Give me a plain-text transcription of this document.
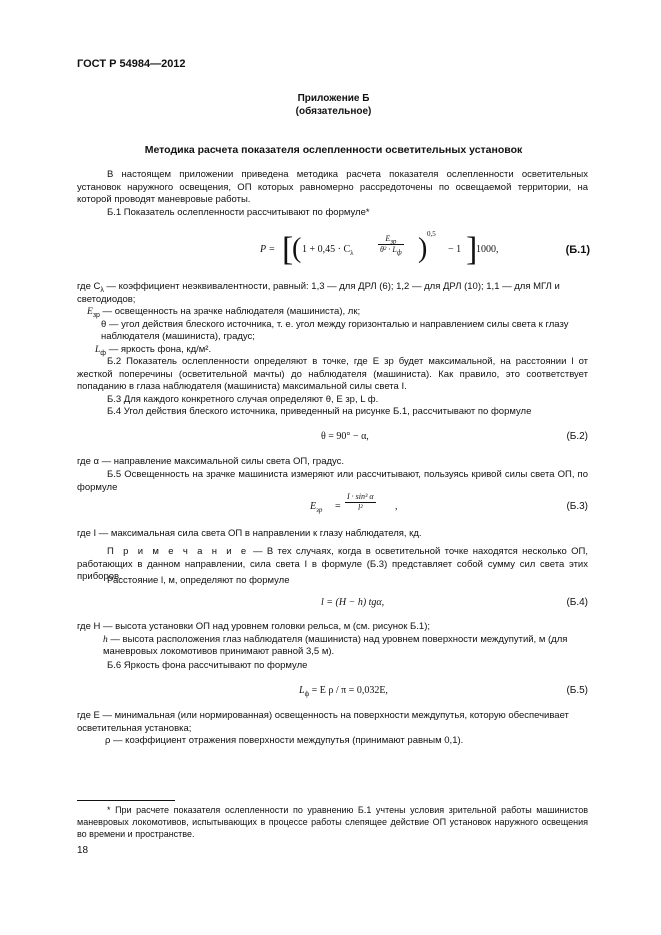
ГОСТ Р 54984—2012
Приложение Б
(обязательное)
Методика расчета показателя ослепленности осветительных установок
В настоящем приложении приведена методика расчета показателя ослепленности осветительных установок наружного освещения, ОП которых равномерно рассредоточены по освещаемой территории, на которой проводят маневровые работы.
Б.1 Показатель ослепленности рассчитывают по формуле*
P = [
( $1 + 0,45 \cdot C_\lambda$
$E_{зр}$
$\theta^2 \cdot L_ф$ ) 0,5
− 1 ]
1000,	(Б.1)
где $C_\lambda$ — коэффициент неэквивалентности, равный: 1,3 — для ДРЛ (6); 1,2 — для ДРЛ (10); 1,1 — для МГЛ и светодиодов;
$E_{зр}$ — освещенность на зрачке наблюдателя (машиниста), лк;
θ — угол действия блеского источника, т. е. угол между горизонталью и направлением силы света к глазу наблюдателя (машиниста), градус;
$L_ф$ — яркость фона, кд/м².
Б.2 Показатель ослепленности определяют в точке, где E зр будет максимальной, на расстоянии l от жесткой поперечины (осветительной мачты) до наблюдателя (машиниста). Как правило, это соответствует попаданию в глаза наблюдателя (машиниста) максимальной силы света I.
Б.3 Для каждого конкретного случая определяют θ, E зр, L ф.
Б.4 Угол действия блеского источника, приведенный на рисунке Б.1, рассчитывают по формуле
θ = 90° − α,	(Б.2)
где α — направление максимальной силы света ОП, градус.
Б.5 Освещенность на зрачке машиниста измеряют или рассчитывают, пользуясь кривой силы света ОП, по формуле
$E_{зр} = \frac{\text{I · sin³ α}}{\text{l²}}$ ,	(Б.3)
где I — максимальная сила света ОП в направлении к глазу наблюдателя, кд.
П р и м е ч а н и е — В тех случаях, когда в осветительной точке находятся несколько ОП, работающих в данном направлении, сила света I в формуле (Б.3) представляет собой сумму сил света этих приборов.
Расстояние l, м, определяют по формуле
l = (H − h) tgα,	(Б.4)
где H — высота установки ОП над уровнем головки рельса, м (см. рисунок Б.1);
h — высота расположения глаз наблюдателя (машиниста) над уровнем поверхности междупутий, м (для маневровых локомотивов принимают равной 3,5 м).
Б.6 Яркость фона рассчитывают по формуле
$L_ф = E$ ρ / π = 0,032E,	(Б.5)
где E — минимальная (или нормированная) освещенность на поверхности междупутья, которую обеспечивает осветительная установка;
ρ — коэффициент отражения поверхности междупутья (принимают равным 0,1).
* При расчете показателя ослепленности по уравнению Б.1 учтены условия зрительной работы машинистов маневровых локомотивов, испытывающих в процессе работы слепящее действие ОП установок наружного освещения во времени и пространстве.
18
